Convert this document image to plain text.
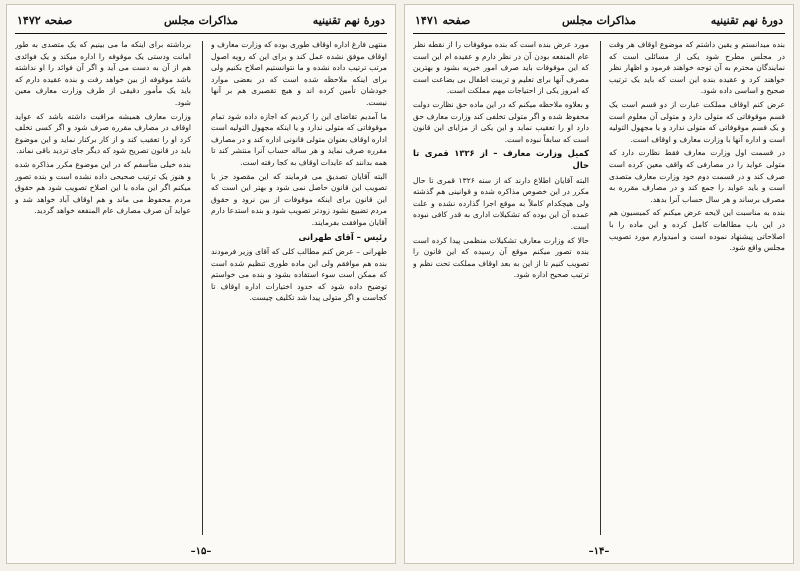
صفحه ۱۴۷۲	مذاکرات مجلس	دورهٔ نهم تقنینیه

منتهی فارغ اداره اوقاف طوری بوده که وزارت معارف و اوقاف موفق نشده عمل کند و برای این که رویه اصول مرتب ترتیب داده نشده و ما نتوانستیم اصلاح بکنیم ولی برای اینکه ملاحظه شده است که در بعضی موارد خودشان تأمین کرده اند و هیچ تقصیری هم بر آنها نیست.

ما آمدیم تقاضای این را کردیم که اجازه داده شود تمام موقوفاتی که متولی ندارد و یا اینکه مجهول التولیه است اداره اوقاف بعنوان متولی قانونی اداره کند و در مصارف مقرره صرف نماید و هر ساله حساب آنرا منتشر کند تا همه بدانند که عایدات اوقاف به کجا رفته است.

البته آقایان تصدیق می فرمایند که این مقصود جز با تصویب این قانون حاصل نمی شود و بهتر این است که این قانون برای اینکه موقوفات از بین نرود و حقوق مردم تضییع نشود زودتر تصویب شود و بنده استدعا دارم آقایان موافقت بفرمایند.

رئیس – آقای طهرانی

طهرانی – عرض کنم مطالب کلی که آقای وزیر فرمودند بنده هم موافقم ولی این ماده طوری تنظیم شده است که ممکن است سوء استفاده بشود و بنده می خواستم توضیح داده شود که حدود اختیارات اداره اوقاف تا کجاست و اگر متولی پیدا شد تکلیف چیست.

برداشته برای اینکه ما می بینیم که یک متصدی به طور امانت ودستی یک موقوفه را اداره میکند و یک فوائدی هم از آن به دست می آید و اگر آن فوائد را او نداشته باشد موقوفه از بین خواهد رفت و بنده عقیده دارم که باید یک مأمور دقیقی از طرف وزارت معارف معین شود.

وزارت معارف همیشه مراقبت داشته باشد که عواید اوقاف در مصارف مقرره صرف شود و اگر کسی تخلف کرد او را تعقیب کند و از کار برکنار نماید و این موضوع باید در قانون تصریح شود که دیگر جای تردید باقی نماند.

بنده خیلی متأسفم که در این موضوع مکرر مذاکره شده و هنوز یک ترتیب صحیحی داده نشده است و بنده تصور میکنم اگر این ماده با این اصلاح تصویب شود هم حقوق مردم محفوظ می ماند و هم اوقاف آباد خواهد شد و عواید آن صرف مصارف عام المنفعه خواهد گردید.

–۱۵–
دورهٔ نهم تقنینیه
مذاکرات مجلس
صفحه ۱۴۷۱

بنده میدانستم و یقین داشتم که موضوع اوقاف هر وقت در مجلس مطرح شود یکی از مسائلی است که نمایندگان محترم به آن توجه خواهند فرمود و اظهار نظر خواهند کرد و عقیده بنده این است که باید یک ترتیب صحیح و اساسی داده شود.

عرض کنم اوقاف مملکت عبارت از دو قسم است یک قسم موقوفاتی که متولی دارد و متولی آن معلوم است و یک قسم موقوفاتی که متولی ندارد و یا مجهول التولیه است و اداره آنها با وزارت معارف و اوقاف است.

در قسمت اول وزارت معارف فقط نظارت دارد که متولی عواید را در مصارفی که واقف معین کرده است صرف کند و در قسمت دوم خود وزارت معارف متصدی است و باید عواید را جمع کند و در مصارف مقرره به مصرف برساند و هر سال حساب آنرا بدهد.

بنده به مناسبت این لایحه عرض میکنم که کمیسیون هم در این باب مطالعات کامل کرده و این ماده را با اصلاحاتی پیشنهاد نموده است و امیدوارم مورد تصویب مجلس واقع شود.

مورد عرض بنده است که بنده موقوفات را از نقطه نظر عام المنفعه بودن آن در نظر دارم و عقیده ام این است که این موقوفات باید صرف امور خیریه بشود و بهترین مصرف آنها برای تعلیم و تربیت اطفال بی بضاعت است که امروز یکی از احتیاجات مهم مملکت است.

و بعلاوه ملاحظه میکنم که در این ماده حق نظارت دولت محفوظ شده و اگر متولی تخلفی کند وزارت معارف حق دارد او را تعقیب نماید و این یکی از مزایای این قانون است که سابقاً نبوده است.

کمیل وزارت معارف – از ۱۳۲۶ قمری تا حال

البته آقایان اطلاع دارند که از سنه ۱۳۲۶ قمری تا حال مکرر در این خصوص مذاکره شده و قوانینی هم گذشته ولی هیچکدام کاملاً به موقع اجرا گذارده نشده و علت عمده آن این بوده که تشکیلات اداری به قدر کافی نبوده است.

حالا که وزارت معارف تشکیلات منظمی پیدا کرده است بنده تصور میکنم موقع آن رسیده که این قانون را تصویب کنیم تا از این به بعد اوقاف مملکت تحت نظم و ترتیب صحیح اداره شود.

–۱۴–
